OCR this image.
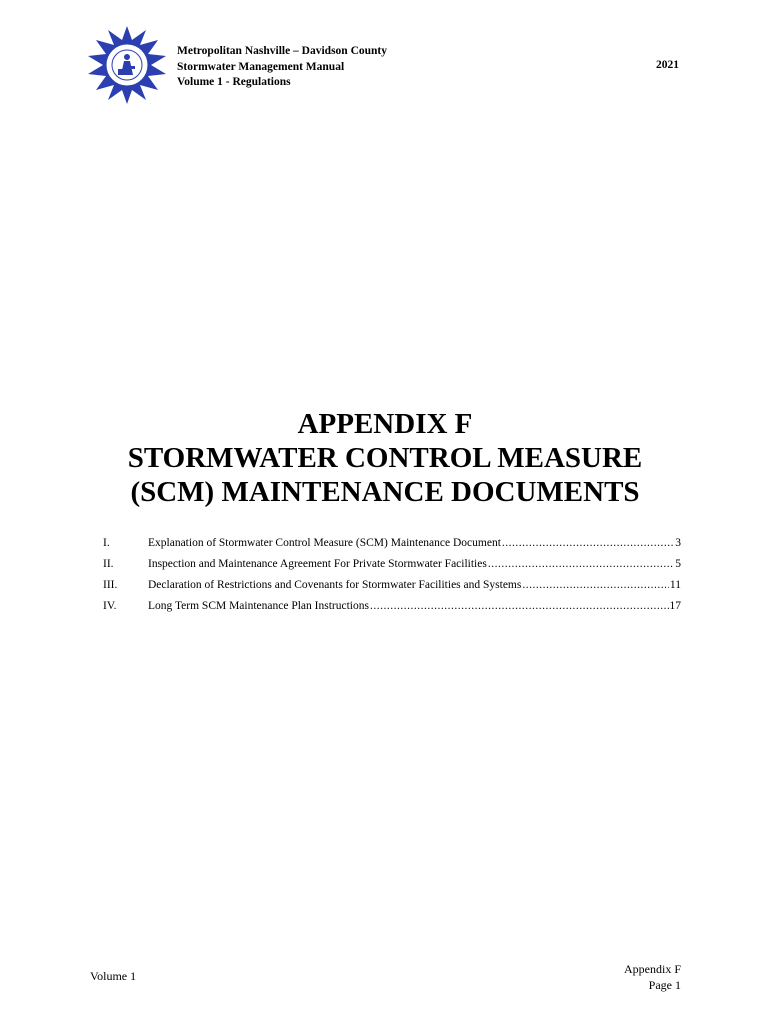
Metropolitan Nashville – Davidson County
Stormwater Management Manual
Volume 1 - Regulations
2021
APPENDIX F
STORMWATER CONTROL MEASURE
(SCM) MAINTENANCE DOCUMENTS
I.	Explanation of Stormwater Control Measure (SCM) Maintenance Document .....	3
II.	Inspection and Maintenance Agreement For Private Stormwater Facilities .....	5
III.	Declaration of Restrictions and Covenants for Stormwater Facilities and Systems .....	11
IV.	Long Term SCM Maintenance Plan Instructions .....	17
Volume 1	Appendix F
Page 1
